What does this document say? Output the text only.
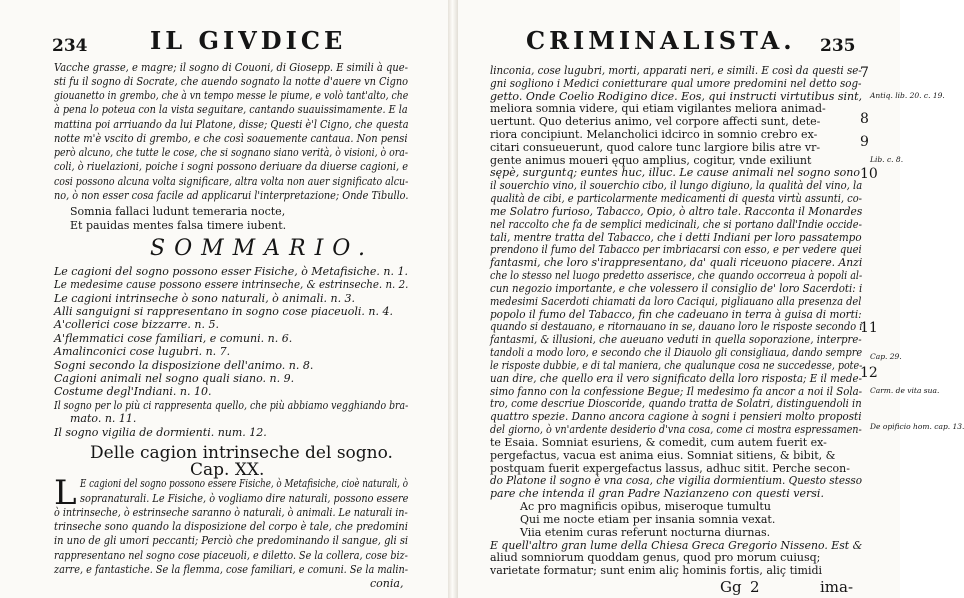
234	IL GIVDICE
Vacche grasse, e magre; il sogno di Couoni, di Giosepp. E simili à que-
sti fu il sogno di Socrate, che auendo sognato la notte d'auere vn Cigno
giouanetto in grembo, che à vn tempo messe le piume, e volò tant'alto, che
à pena lo poteua con la vista seguitare, cantando suauissimamente. E la
mattina poi arriuando da lui Platone, disse; Questi è'l Cigno, che questa
notte m'è vscito di grembo, e che così soauemente cantaua. Non pensi
però alcuno, che tutte le cose, che si sognano siano verità, ò visioni, ò ora-
coli, ò riuelazioni, poiche i sogni possono deriuare da diuerse cagioni, e
cosi possono alcuna volta significare, altra volta non auer significato alcu-
no, ò non esser cosa facile ad applicarui l'interpretazione; Onde Tibullo.
Somnia fallaci ludunt temeraria nocte,
Et pauidas mentes falsa timere iubent.
SOMMARIO.
Le cagioni del sogno possono esser Fisiche, ò Metafisiche. n. 1.
Le medesime cause possono essere intrinseche, & estrinseche. n. 2.
Le cagioni intrinseche ò sono naturali, ò animali. n. 3.
Alli sanguigni si rappresentano in sogno cose piaceuoli. n. 4.
A'collerici cose bizzarre. n. 5.
A'flemmatici cose familiari, e comuni. n. 6.
Amalinconici cose lugubri. n. 7.
Sogni secondo la disposizione dell'animo. n. 8.
Cagioni animali nel sogno quali siano. n. 9.
Costume degl'Indiani. n. 10.
Il sogno per lo più ci rappresenta quello, che più abbiamo vegghiando bra-
mato. n. 11.
Il sogno vigilia de dormienti. num. 12.
Delle cagion intrinseche del sogno.
Cap. XX.
L E cagioni del sogno possono essere Fisiche, ò Metafisiche, cioè naturali, ò
sopranaturali. Le Fisiche, ò vogliamo dire naturali, possono essere
ò intrinseche, ò estrinseche saranno ò naturali, ò animali. Le naturali in-
trinseche sono quando la disposizione del corpo è tale, che predomini
in uno de gli umori peccanti; Perciò che predominando il sangue, gli si
rappresentano nel sogno cose piaceuoli, e diletto. Se la collera, cose biz-
zarre, e fantastiche. Se la flemma, cose familiari, e comuni. Se la malin-
conia,
CRIMINALISTA. 235
linconia, cose lugubri, morti, apparati neri, e simili. E così da questi se-
gni sogliono i Medici conietturare qual umore predomini nel detto sog-
getto. Onde Coelio Rodigino dice. Eos, qui instructi virtutibus sint,
meliora somnia videre, qui etiam vigilantes meliora animad-
uertunt. Quo deterius animo, vel corpore affecti sunt, dete-
riora concipiunt. Melancholici idcirco in somnio crebro ex-
citari consueuerunt, quod calore tunc largiore bilis atre vr-
gente animus moueri ęquo amplius, cogitur, vnde exiliunt
sępè, surguntq; euntes huc, illuc. Le cause animali nel sogno sono
il souerchio vino, il souerchio cibo, il lungo digiuno, la qualità del vino, la
qualità de cibi, e particolarmente medicamenti di questa virtù assunti, co-
me Solatro furioso, Tabacco, Opio, ò altro tale. Racconta il Monardes
nel raccolto che fa de semplici medicinali, che si portano dall'Indie occide-
tali, mentre tratta del Tabacco, che i detti Indiani per loro passatempo
prendono il fumo del Tabacco per imbriacarsi con esso, e per vedere quei
fantasmi, che loro s'irappresentano, da' quali riceuono piacere. Anzi
che lo stesso nel luogo predetto asserisce, che quando occorreua à popoli al-
cun negozio importante, e che volessero il consiglio de' loro Sacerdoti: i
medesimi Sacerdoti chiamati da loro Caciqui, pigliauano alla presenza del
popolo il fumo del Tabacco, fin che cadeuano in terra à guisa di morti:
quando si destauano, e ritornauano in se, dauano loro le risposte secondo i
fantasmi, & illusioni, che aueuano veduti in quella soporazione, interpre-
tandoli a modo loro, e secondo che il Diauolo gli consigliaua, dando sempre
le risposte dubbie, e di tal maniera, che qualunque cosa ne succedesse, pote-
uan dire, che quello era il vero significato della loro risposta; E il mede-
simo fanno con la confessione Begue; Il medesimo fa ancor a noi il Sola-
tro, come descriue Dioscoride, quando tratta de Solatri, distinguendoli in
quattro spezie. Danno ancora cagione à sogni i pensieri molto proposti
del giorno, ò vn'ardente desiderio d'vna cosa, come ci mostra espressamen-
te Esaia. Somniat esuriens, & comedit, cum autem fuerit ex-
pergefactus, vacua est anima eius. Somniat sitiens, & bibit, &
postquam fuerit expergefactus lassus, adhuc sitit. Perche secon-
do Platone il sogno è vna cosa, che vigilia dormientium. Questo stesso
pare che intenda il gran Padre Nazianzeno con questi versi.
Ac pro magnificis opibus, miseroque tumultu
Qui me nocte etiam per insania somnia vexat.
Viia etenim curas referunt nocturna diurnas.
E quell'altro gran lume della Chiesa Greca Gregorio Nisseno. Est &
aliud somniorum quoddam genus, quod pro morum cuiusq;
varietate formatur; sunt enim aliç hominis fortis, aliç timidi
Gg 2	ima-
7
Antiq. lib. 20. c. 19.
8
9
Lib. c. 8.
10
11
Cap. 29.
12
Carm. de vita sua.
De opificio hom. cap. 13.
